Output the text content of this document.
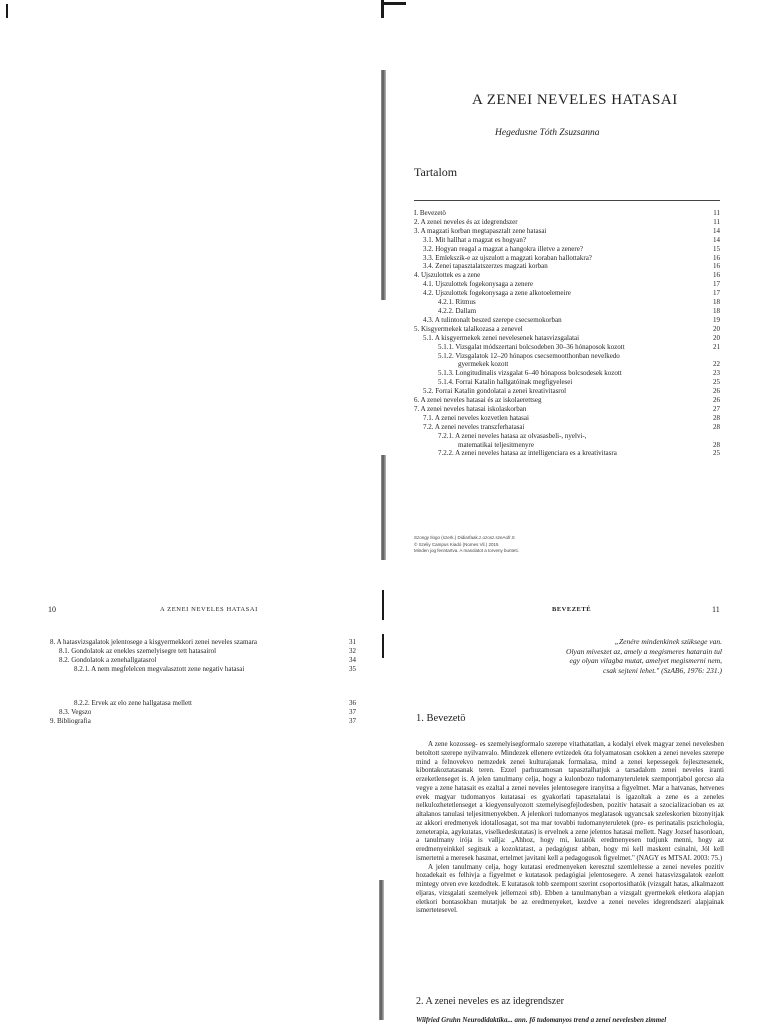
A ZENEI NEVELES HATASAI
Hegedusne Tóth Zsuzsanna
Tartalom
I. Bevezetö	11
2. A zenei neveles és az idegrendszer	11
3. A magzati korban megtapasztalt zene hatasai	14
3.1. Mit hallhat a magzat es hogyan?	14
3.2. Hogyan reagal a magzat a hangokra illetve a zenere?	15
3.3. Emlekszik-e az ujszulott a magzati koraban hallottakra?	16
3.4. Zenei tapasztalatszerzes magzati korban	16
4. Ujszulottek es a zene	16
4.1. Ujszulottek fogekonysaga a zenere	17
4.2. Ujszulottek fogekonysaga a zene alkotoelemeire	17
4.2.1. Ritmus	18
4.2.2. Dallam	18
4.3. A tulintonalt beszed szerepe csecsemokorban	19
5. Kisgyermekek talalkozasa a zenevel	20
5.1. A kisgyermekek zenei nevelesenek hatasvizsgalatai	20
5.1.1. Vizsgalat módszertani bolcsodeben 30–36 hónaposok kozott	21
5.1.2. Vizsgalatok 12–20 hónapos csecsemootthonban nevelkedo
gyermekek kozott	22
5.1.3. Longitudinalis vizsgalat 6–40 hónaposs bolcsodesek kozott	23
5.1.4. Forrai Katalin hallgatóinak megfigyelesei	25
5.2. Forrai Katalin gondolatai a zenei kreativitasrol	26
6. A zenei neveles hatasai és az iskolaerettseg	26
7. A zenei neveles hatasai iskolaskorban	27
7.1. A zenei neveles kozvetlen hatasai	28
7.2. A zenei neveles transzferhatasai	28
7.2.1. A zenei neveles hatasa az olvasasbeli-, nyelvi-,
matematikai teljesitmenyre	28
7.2.2. A zenei neveles hatasa az intelligenciara es a kreativitasra	25
Szongy Ilogo (szerk.) Didiarfaak.z.ozosz.szeAofr.S
© Szeliy Campus Kiadó (Nomes Vil.) 2015
Minden jog fenntartva. A masolatot a torveny bunteti.
10	A ZENEI NEVELES HATASAI
8. A hatasvizsgalatok jelentosege a kisgyermekkori zenei neveles szamara	31
8.1. Gondolatok az enekles szemelyisegre tett hatasairol	32
8.2. Gondolatok a zenehallgatasrol	34
8.2.1. A nem megfelelcen megvalasztott zene negativ hatasai	35
8.2.2. Ervek az elo zene hallgatasa mellett	36
8.3. Vegszo	37
9. Bibliografia	37
BEVEZETÉ	11
„Zenére mindenkinek szüksege van.
Olyan miveszet az, amely a megismeres hatarain tul
egy olyan vilagba mutat, amelyet megismerni nem,
csak sejteni lehet." (SzAB6, 1976: 231.)
1. Bevezetö

A zene kozosseg- es szemelyisegformalo szerepe vitathatatlan, a kodalyi elvek magyar zenei nevelesben betoltott szerepe nyilvanvalo. Mindezek ellenere evtizedek óta folyamatosan csokken a zenei neveles szerepe mind a felnovekvo nemzedek zenei kulturajanak formalasa, mind a zenei kepessegek fejlesztesenek, kibontakoztatasanak teren. Ezzel parhuzamosan tapasztalhatjuk a tarsadalom zenei neveles iranti erzeketlenseget is. A jelen tanulmany celja, hogy a kulonbozo tudomanyteruletek szempontjabol gorcso ala vegye a zene hatasait es ezaltal a zenei neveles jelentosegere iranyitsa a figyelmet. Mar a hatvanas, hetvenes evek magyar tudomanyos kutatasai es gyakorlati tapasztalatai is igazoltak a zene es a zeneles nelkulozhetetlenseget a kiegyensulyozott szemelyisegfejlodesben, pozitiv hatasait a szocializacioban es az altalanos tanulasi teljesitmenyekben. A jelenkori tudomanyos meglatasok ugyancsak szeleskorien bizonyitjak az akkori eredmenyek idotallosagat, sot ma mar tovabbi tudomanyteruletek (pre- es perinatalis pszichologia, zeneterapia, agykutatas, viselkedeskutatas) is ervelnek a zene jelentos hatasai mellett. Nagy Jozsef hasonloan, a tanulmany irója is vallja: „Ahhoz, hogy mi, kutatók eredmenyesen tudjunk menni, hogy az eredmenyeinkkel segitsuk a kozoktatast, a pedagógust abban, hogy mi kell maskent csinalni, Jól kell ismertetni a meresek hasznat, ertelmet javitani kell a pedagogusok figyelmet." (NAGY es MTSAI. 2003: 75.)

A jelen tanulmany celja, hogy kutatasi eredmenyeken keresztul szemleltesse a zenei neveles pozitiv hozadekait es felhivja a figyelmet e kutatasok pedagógiai jelentosegere. A zenei hatasvizsgalatok ezelott mintegy otven eve kezdodtek. E kutatasok tobb szempont szerint csoportosithatók (vizsgalt hatas, alkalmazott eljaras, vizsgalati szemelyek jellemzoi stb). Ebben a tanulmanyban a vizsgalt gyermekek eletkora alapjan eletkori bontasokban mutatjuk be az eredmenyeket, kezdve a zenei neveles idegrendszeri alapjainak ismertetesevel.

2. A zenei neveles es az idegrendszer
Wilfried Gruhn Neurodidaktika... ann. fő tudomanyos trend a zenei nevelesben zimmel
